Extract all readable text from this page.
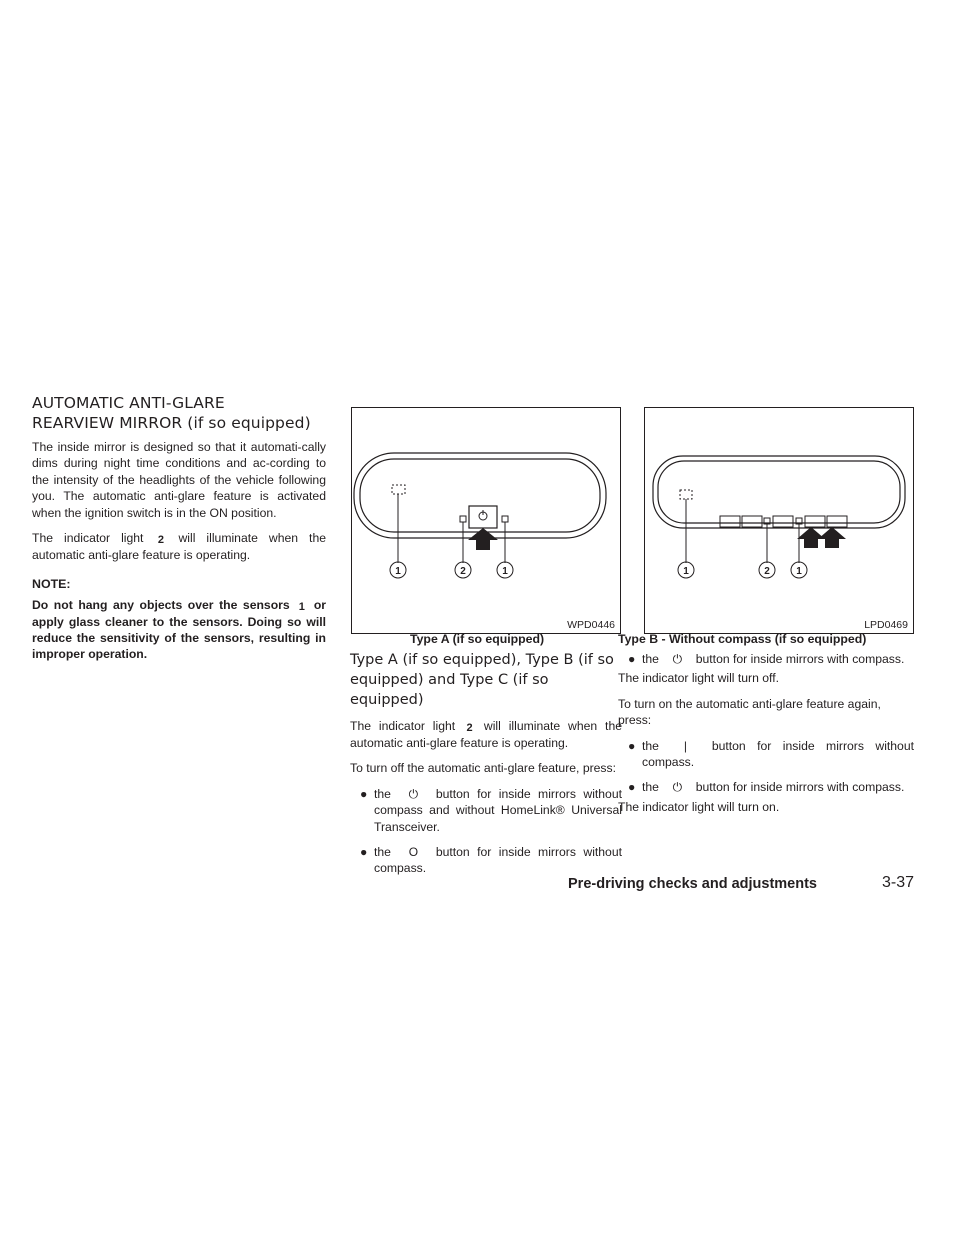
AUTOMATIC ANTI-GLARE
REARVIEW MIRROR (if so equipped)

The inside mirror is designed so that it automati-cally dims during night time conditions and ac-cording to the intensity of the headlights of the vehicle following you. The automatic anti-glare feature is activated when the ignition switch is in the ON position.

The indicator light 2 will illuminate when the automatic anti-glare feature is operating.

NOTE:

Do not hang any objects over the sensors 1 or apply glass cleaner to the sensors. Doing so will reduce the sensitivity of the sensors, resulting in improper operation.

1	2	1
WPD0446
Type A (if so equipped)
1	2	1
LPD0469
Type B - Without compass (if so equipped)
Type A (if so equipped), Type B (if so
equipped) and Type C (if so equipped)

The indicator light 2 will illuminate when the automatic anti-glare feature is operating.

To turn off the automatic anti-glare feature, press:

● the ⏻ button for inside mirrors without compass and without HomeLink® Universal Transceiver.
● the O button for inside mirrors without compass.
● the ⏻ button for inside mirrors with compass.

The indicator light will turn off.

To turn on the automatic anti-glare feature again, press:

● the | button for inside mirrors without compass.
● the ⏻ button for inside mirrors with compass.

The indicator light will turn on.

Pre-driving checks and adjustments	3-37
